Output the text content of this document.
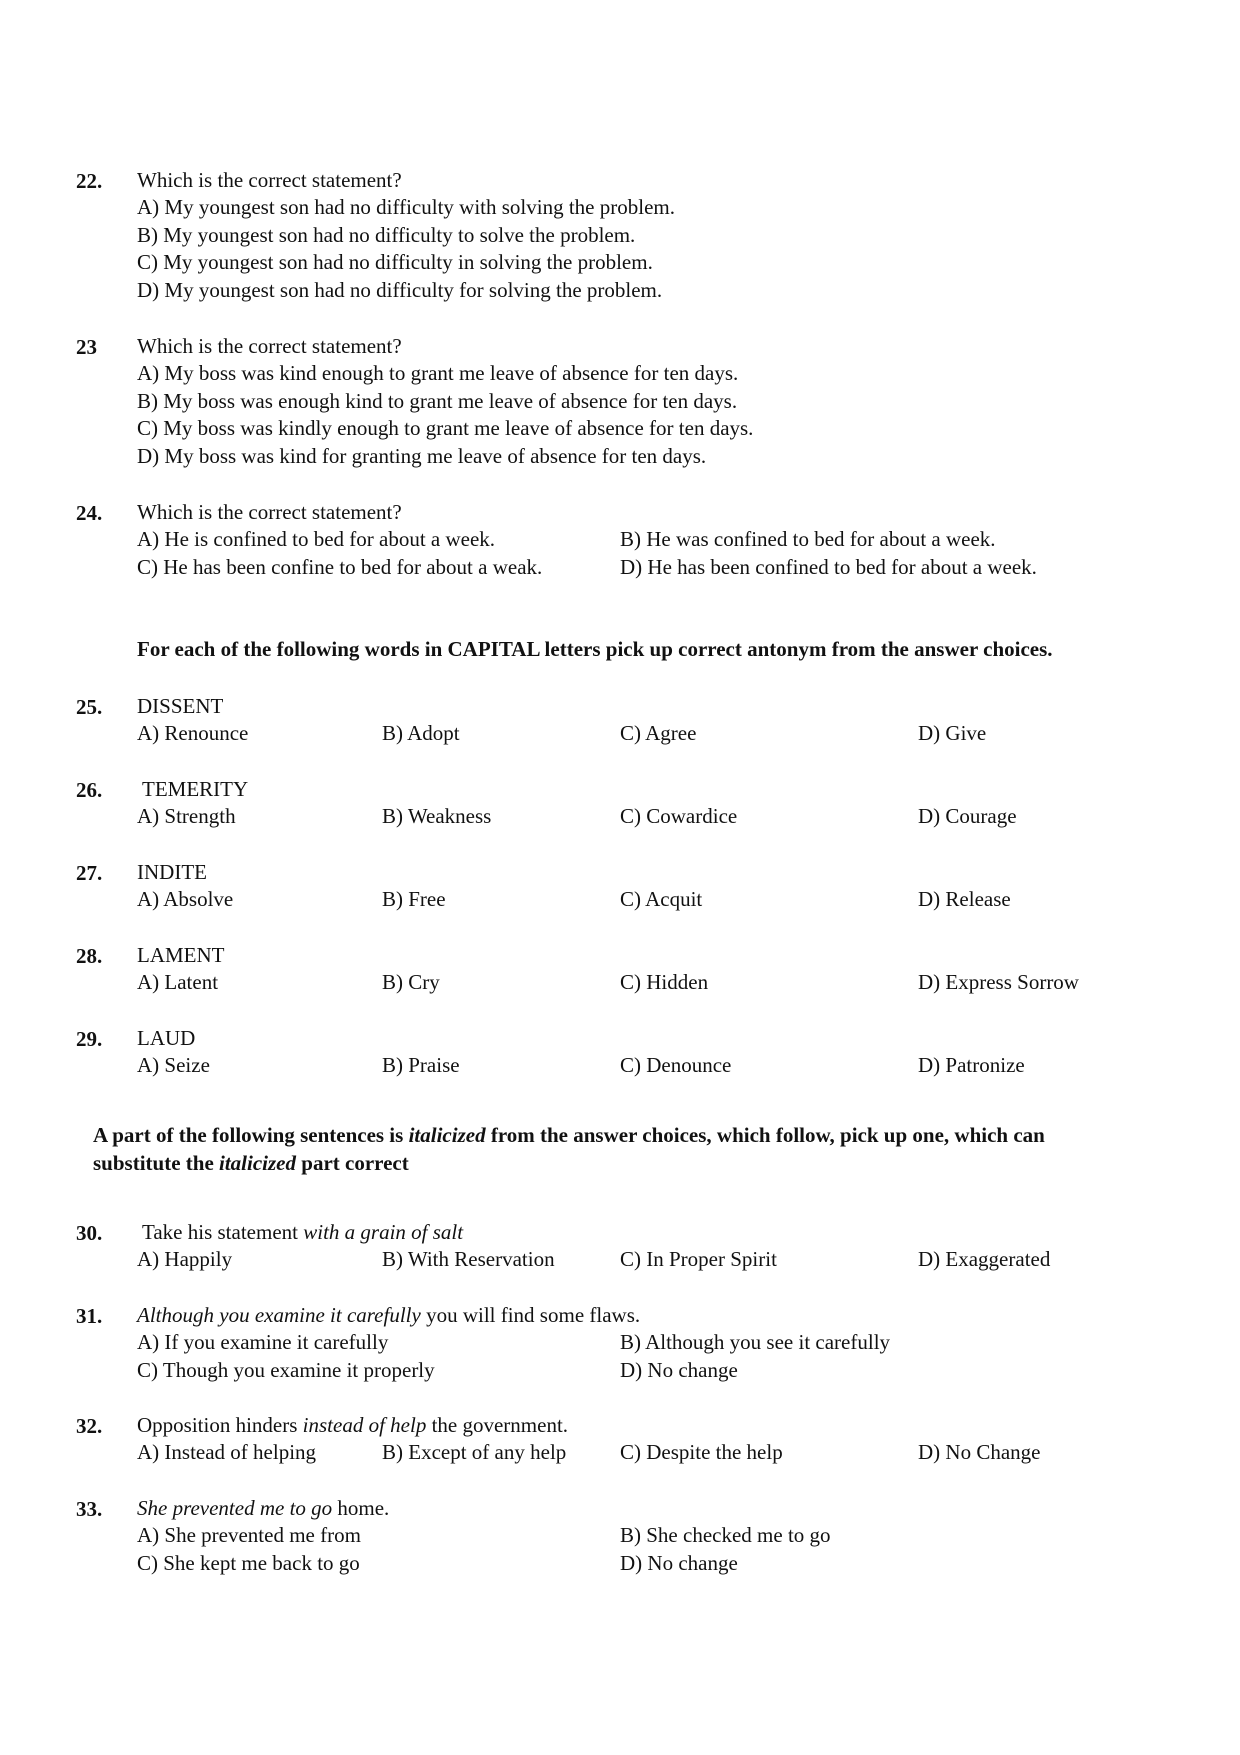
22. Which is the correct statement?
A) My youngest son had no difficulty with solving the problem.
B) My youngest son had no difficulty to solve the problem.
C) My youngest son had no difficulty in solving the problem.
D) My youngest son had no difficulty for solving the problem.
23 Which is the correct statement?
A) My boss was kind enough to grant me leave of absence for ten days.
B) My boss was enough kind to grant me leave of absence for ten days.
C) My boss was kindly enough to grant me leave of absence for ten days.
D) My boss was kind for granting me leave of absence for ten days.
24. Which is the correct statement?
A) He is confined to bed for about a week.	B) He was confined to bed for about a week.
C) He has been confine to bed for about a weak.	D) He has been confined to bed for about a week.
For each of the following words in CAPITAL letters pick up correct antonym from the answer choices.
25. DISSENT
A) Renounce	B) Adopt	C) Agree	D) Give
26. TEMERITY
A) Strength	B) Weakness	C) Cowardice	D) Courage
27. INDITE
A) Absolve	B) Free	C) Acquit	D) Release
28. LAMENT
A) Latent	B) Cry	C) Hidden	D) Express Sorrow
29. LAUD
A) Seize	B) Praise	C) Denounce	D) Patronize
A part of the following sentences is italicized from the answer choices, which follow, pick up one, which can
substitute the italicized part correct
30. Take his statement with a grain of salt
A) Happily	B) With Reservation	C) In Proper Spirit	D) Exaggerated
31. Although you examine it carefully you will find some flaws.
A) If you examine it carefully	B) Although you see it carefully
C) Though you examine it properly	D) No change
32. Opposition hinders instead of help the government.
A) Instead of helping	B) Except of any help	C) Despite the help	D) No Change
33. She prevented me to go home.
A) She prevented me from	B) She checked me to go
C) She kept me back to go	D) No change
